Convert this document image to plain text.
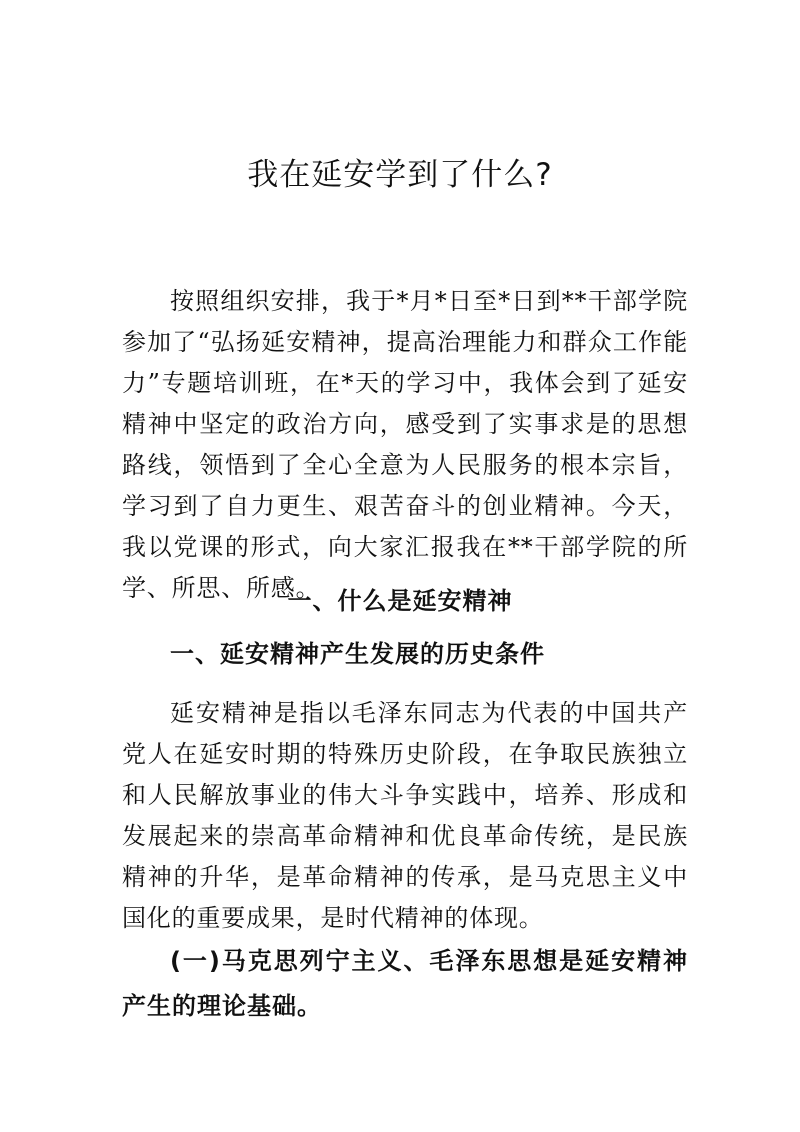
我在延安学到了什么?

按照组织安排，我于*月*日至*日到**干部学院参加了“弘扬延安精神，提高治理能力和群众工作能力”专题培训班，在*天的学习中，我体会到了延安精神中坚定的政治方向，感受到了实事求是的思想路线，领悟到了全心全意为人民服务的根本宗旨，学习到了自力更生、艰苦奋斗的创业精神。今天，我以党课的形式，向大家汇报我在**干部学院的所学、所思、所感。

一、什么是延安精神
一、延安精神产生发展的历史条件

延安精神是指以毛泽东同志为代表的中国共产党人在延安时期的特殊历史阶段，在争取民族独立和人民解放事业的伟大斗争实践中，培养、形成和发展起来的崇高革命精神和优良革命传统，是民族精神的升华，是革命精神的传承，是马克思主义中国化的重要成果，是时代精神的体现。

(一)马克思列宁主义、毛泽东思想是延安精神产生的理论基础。
